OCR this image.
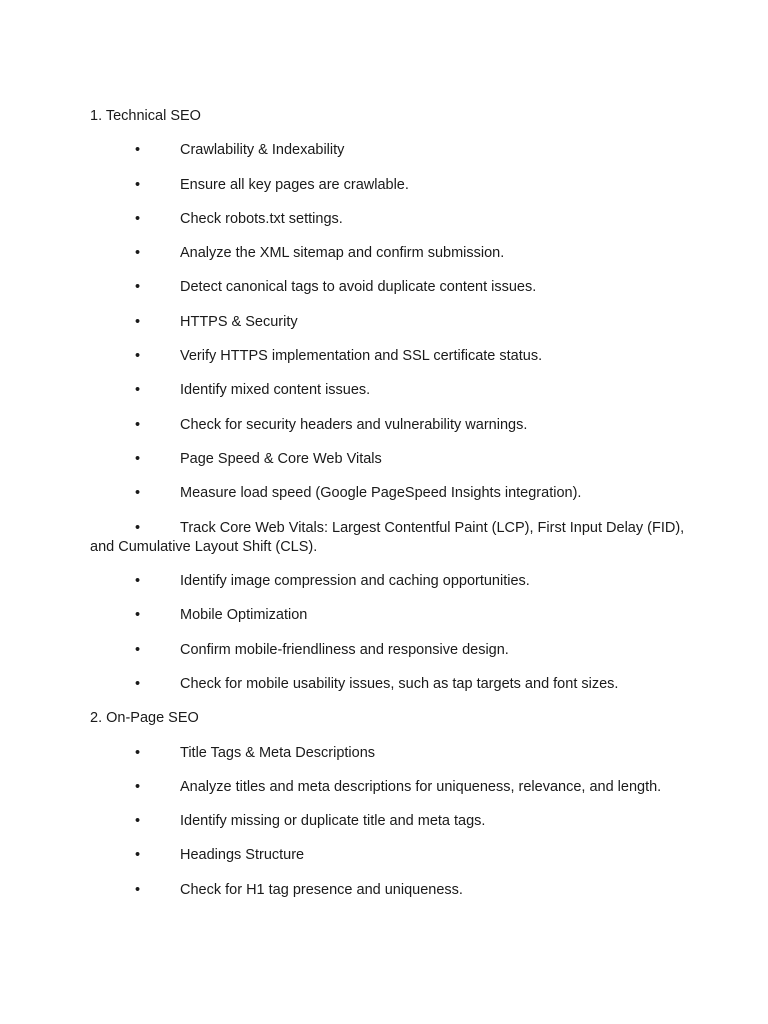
1. Technical SEO
•	Crawlability & Indexability
•	Ensure all key pages are crawlable.
•	Check robots.txt settings.
•	Analyze the XML sitemap and confirm submission.
•	Detect canonical tags to avoid duplicate content issues.
•	HTTPS & Security
•	Verify HTTPS implementation and SSL certificate status.
•	Identify mixed content issues.
•	Check for security headers and vulnerability warnings.
•	Page Speed & Core Web Vitals
•	Measure load speed (Google PageSpeed Insights integration).
•	Track Core Web Vitals: Largest Contentful Paint (LCP), First Input Delay (FID), and Cumulative Layout Shift (CLS).
•	Identify image compression and caching opportunities.
•	Mobile Optimization
•	Confirm mobile-friendliness and responsive design.
•	Check for mobile usability issues, such as tap targets and font sizes.
2. On-Page SEO
•	Title Tags & Meta Descriptions
•	Analyze titles and meta descriptions for uniqueness, relevance, and length.
•	Identify missing or duplicate title and meta tags.
•	Headings Structure
•	Check for H1 tag presence and uniqueness.
